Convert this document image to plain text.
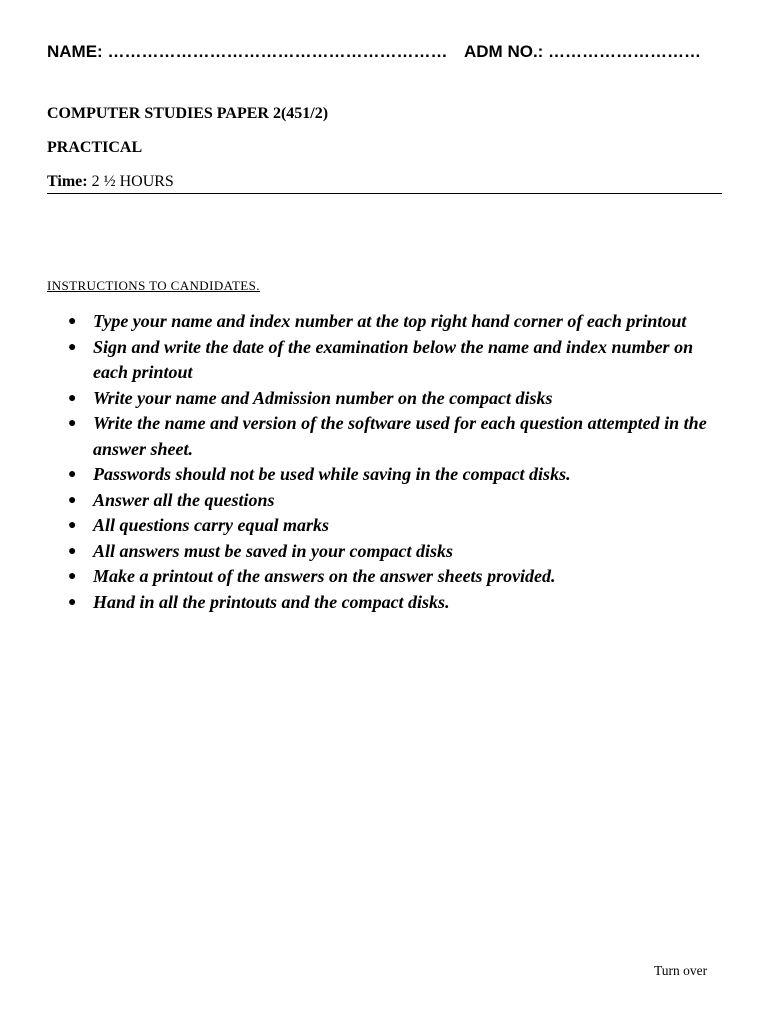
NAME: …………………………………………………… ADM NO.: ………………………
COMPUTER STUDIES PAPER 2(451/2)
PRACTICAL
Time: 2 ½ HOURS
INSTRUCTIONS TO CANDIDATES.
● Type your name and index number at the top right hand corner of each printout
● Sign and write the date of the examination below the name and index number on each printout
● Write your name and Admission number on the compact disks
● Write the name and version of the software used for each question attempted in the answer sheet.
● Passwords should not be used while saving in the compact disks.
● Answer all the questions
● All questions carry equal marks
● All answers must be saved in your compact disks
● Make a printout of the answers on the answer sheets provided.
● Hand in all the printouts and the compact disks.
Turn over
